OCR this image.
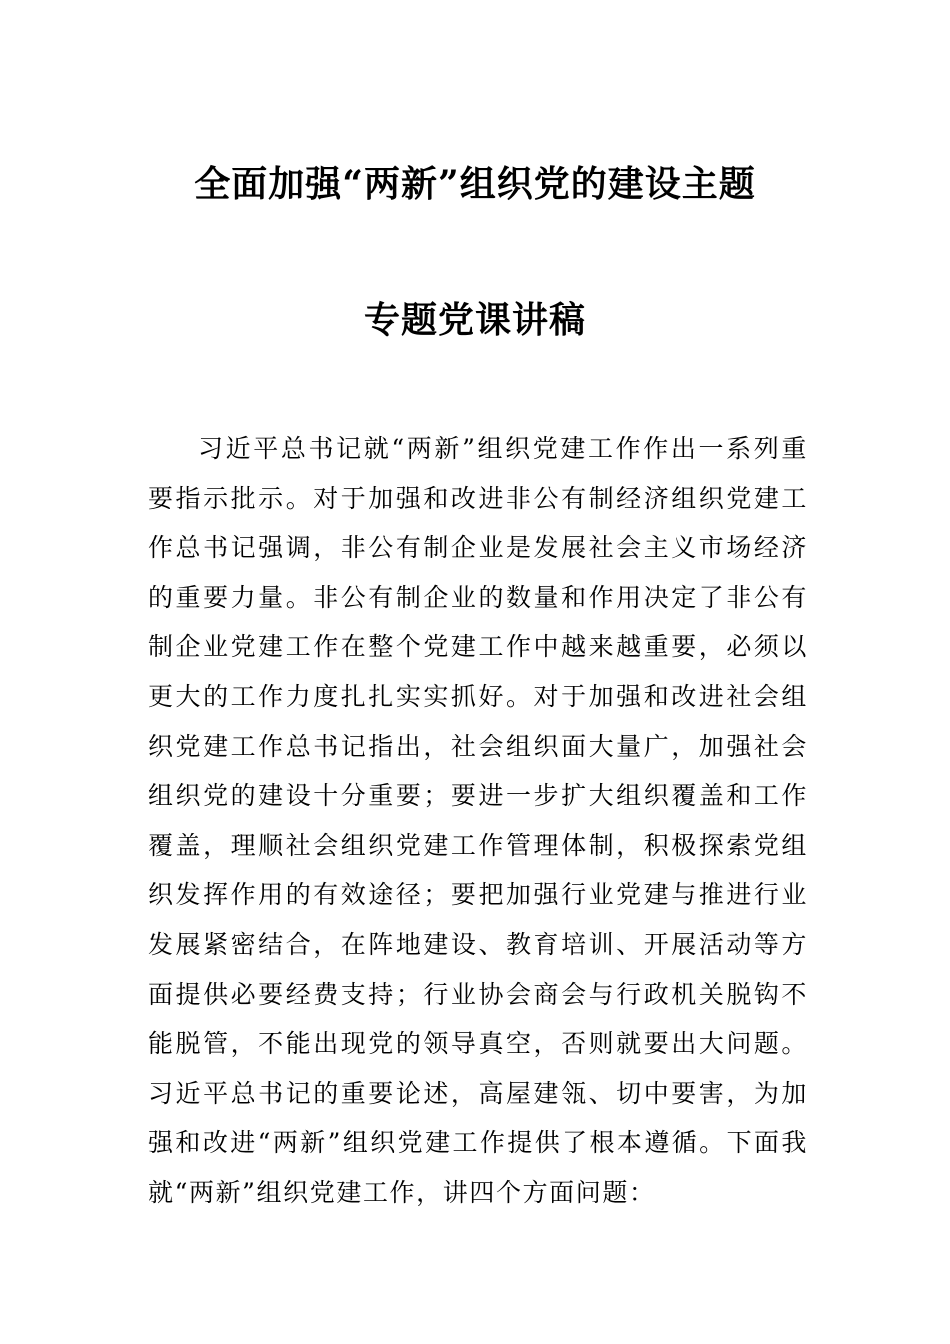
全面加强“两新”组织党的建设主题
专题党课讲稿
习近平总书记就“两新”组织党建工作作出一系列重要指示批示。对于加强和改进非公有制经济组织党建工作总书记强调，非公有制企业是发展社会主义市场经济的重要力量。非公有制企业的数量和作用决定了非公有制企业党建工作在整个党建工作中越来越重要，必须以更大的工作力度扎扎实实抓好。对于加强和改进社会组织党建工作总书记指出，社会组织面大量广，加强社会组织党的建设十分重要；要进一步扩大组织覆盖和工作覆盖，理顺社会组织党建工作管理体制，积极探索党组织发挥作用的有效途径；要把加强行业党建与推进行业发展紧密结合，在阵地建设、教育培训、开展活动等方面提供必要经费支持；行业协会商会与行政机关脱钩不能脱管，不能出现党的领导真空，否则就要出大问题。习近平总书记的重要论述，高屋建瓴、切中要害，为加强和改进“两新”组织党建工作提供了根本遵循。下面我就“两新”组织党建工作，讲四个方面问题：
